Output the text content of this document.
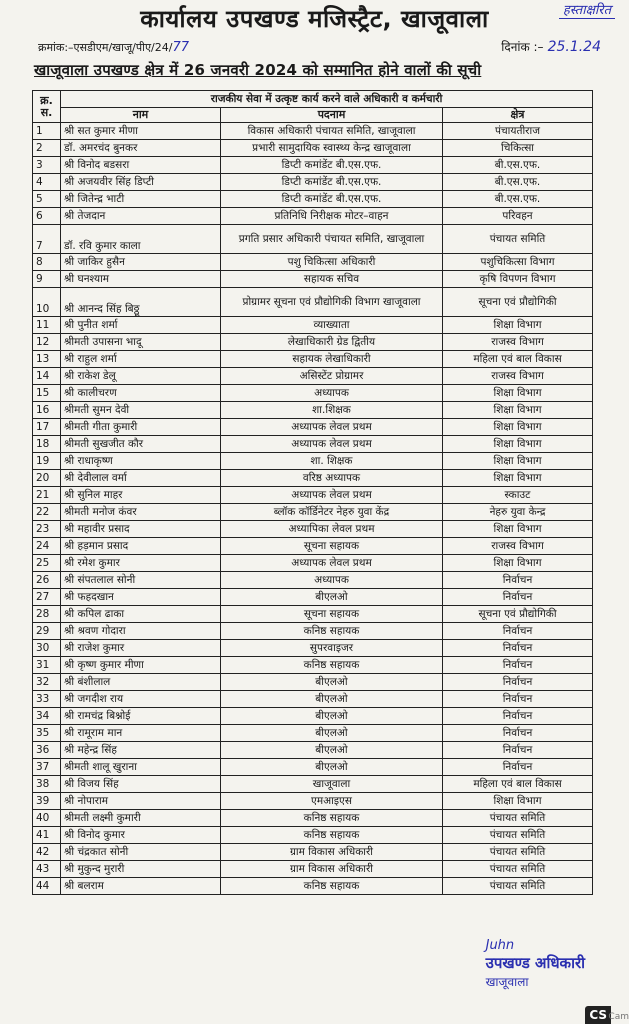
हस्ताक्षरित
कार्यालय उपखण्ड मजिस्ट्रैट, खाजूवाला
क्रमांक:–एसडीएम/खाजू/पीए/24/77	दिनांक :– 25.1.24
खाजूवाला उपखण्ड क्षेत्र में 26 जनवरी 2024 को सम्मानित होने वालों की सूची
क्र. स.	राजकीय सेवा में उत्कृष्ट कार्य करने वाले अधिकारी व कर्मचारी		
	नाम	पदनाम	क्षेत्र
1	श्री सत कुमार मीणा	विकास अधिकारी पंचायत समिति, खाजूवाला	पंचायतीराज
2	डॉ. अमरचंद बुनकर	प्रभारी सामुदायिक स्वास्थ्य केन्द्र खाजूवाला	चिकित्सा
3	श्री विनोद बडसरा	डिप्टी कमांडेंट बी.एस.एफ.	बी.एस.एफ.
4	श्री अजयवीर सिंह डिप्टी	डिप्टी कमांडेंट बी.एस.एफ.	बी.एस.एफ.
5	श्री जितेन्द्र भाटी	डिप्टी कमांडेंट बी.एस.एफ.	बी.एस.एफ.
6	श्री तेजदान	प्रतिनिधि निरीक्षक मोटर–वाहन	परिवहन
7	डॉ. रवि कुमार काला	प्रगति प्रसार अधिकारी पंचायत समिति, खाजूवाला	पंचायत समिति
8	श्री जाकिर हुसैन	पशु चिकित्सा अधिकारी	पशुचिकित्सा विभाग
9	श्री घनश्याम	सहायक सचिव	कृषि विपणन विभाग
10	श्री आनन्द सिंह बिठ्ठू	प्रोग्रामर सूचना एवं प्रौद्योगिकी विभाग खाजूवाला	सूचना एवं प्रौद्योगिकी
11	श्री पुनीत शर्मा	व्याख्याता	शिक्षा विभाग
12	श्रीमती उपासना भादू	लेखाधिकारी ग्रेड द्वितीय	राजस्व विभाग
13	श्री राहुल शर्मा	सहायक लेखाधिकारी	महिला एवं बाल विकास
14	श्री राकेश डेलू	असिस्टेंट प्रोग्रामर	राजस्व विभाग
15	श्री कालीचरण	अध्यापक	शिक्षा विभाग
16	श्रीमती सुमन देवी	शा.शिक्षक	शिक्षा विभाग
17	श्रीमती गीता कुमारी	अध्यापक लेवल प्रथम	शिक्षा विभाग
18	श्रीमती सुखजीत कौर	अध्यापक लेवल प्रथम	शिक्षा विभाग
19	श्री राधाकृष्ण	शा. शिक्षक	शिक्षा विभाग
20	श्री देवीलाल वर्मा	वरिष्ठ अध्यापक	शिक्षा विभाग
21	श्री सुनिल माहर	अध्यापक लेवल प्रथम	स्काउट
22	श्रीमती मनोज कंवर	ब्लॉक कॉर्डिनेटर नेहरु युवा केंद्र	नेहरु युवा केन्द्र
23	श्री महावीर प्रसाद	अध्यापिका लेवल प्रथम	शिक्षा विभाग
24	श्री हड़मान प्रसाद	सूचना सहायक	राजस्व विभाग
25	श्री रमेश कुमार	अध्यापक लेवल प्रथम	शिक्षा विभाग
26	श्री संपतलाल सोनी	अध्यापक	निर्वाचन
27	श्री फहदखान	बीएलओ	निर्वाचन
28	श्री कपिल ढाका	सूचना सहायक	सूचना एवं प्रौद्योगिकी
29	श्री श्रवण गोदारा	कनिष्ठ सहायक	निर्वाचन
30	श्री राजेश कुमार	सुपरवाइजर	निर्वाचन
31	श्री कृष्ण कुमार मीणा	कनिष्ठ सहायक	निर्वाचन
32	श्री बंशीलाल	बीएलओ	निर्वाचन
33	श्री जगदीश राय	बीएलओ	निर्वाचन
34	श्री रामचंद्र बिश्नोई	बीएलओ	निर्वाचन
35	श्री रामूराम मान	बीएलओ	निर्वाचन
36	श्री महेन्द्र सिंह	बीएलओ	निर्वाचन
37	श्रीमती शालू खुराना	बीएलओ	निर्वाचन
38	श्री विजय सिंह	खाजूवाला	महिला एवं बाल विकास
39	श्री नोपाराम	एमआइएस	शिक्षा विभाग
40	श्रीमती लक्ष्मी कुमारी	कनिष्ठ सहायक	पंचायत समिति
41	श्री विनोद कुमार	कनिष्ठ सहायक	पंचायत समिति
42	श्री चंद्रकात सोनी	ग्राम विकास अधिकारी	पंचायत समिति
43	श्री मुकुन्द मुरारी	ग्राम विकास अधिकारी	पंचायत समिति
44	श्री बलराम	कनिष्ठ सहायक	पंचायत समिति
Juhn
उपखण्ड अधिकारी
खाजूवाला
CS Cam
